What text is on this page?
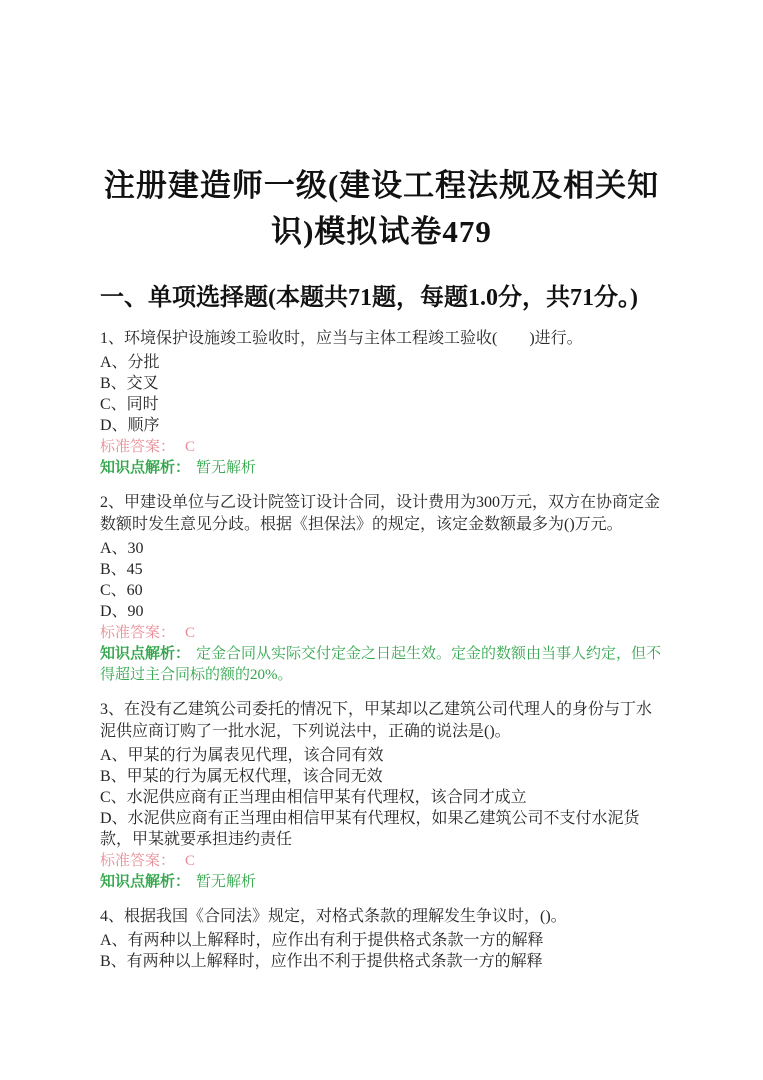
注册建造师一级(建设工程法规及相关知识)模拟试卷479
一、单项选择题(本题共71题，每题1.0分，共71分。)
1、环境保护设施竣工验收时，应当与主体工程竣工验收(　　)进行。
A、分批
B、交叉
C、同时
D、顺序
标准答案： C
知识点解析： 暂无解析
2、甲建设单位与乙设计院签订设计合同，设计费用为300万元，双方在协商定金数额时发生意见分歧。根据《担保法》的规定，该定金数额最多为()万元。
A、30
B、45
C、60
D、90
标准答案： C
知识点解析： 定金合同从实际交付定金之日起生效。定金的数额由当事人约定，但不得超过主合同标的额的20%。
3、在没有乙建筑公司委托的情况下，甲某却以乙建筑公司代理人的身份与丁水泥供应商订购了一批水泥，下列说法中，正确的说法是()。
A、甲某的行为属表见代理，该合同有效
B、甲某的行为属无权代理，该合同无效
C、水泥供应商有正当理由相信甲某有代理权，该合同才成立
D、水泥供应商有正当理由相信甲某有代理权，如果乙建筑公司不支付水泥货款，甲某就要承担违约责任
标准答案： C
知识点解析： 暂无解析
4、根据我国《合同法》规定，对格式条款的理解发生争议时，()。
A、有两种以上解释时，应作出有利于提供格式条款一方的解释
B、有两种以上解释时，应作出不利于提供格式条款一方的解释
